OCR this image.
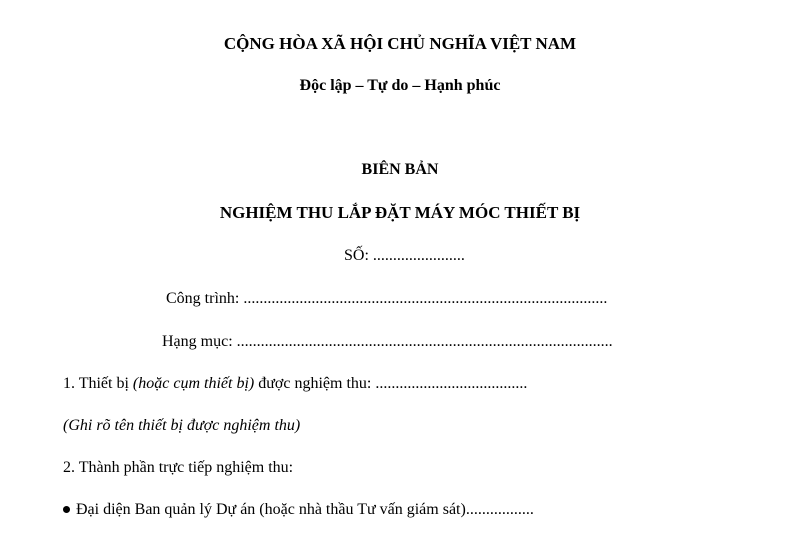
CỘNG HÒA XÃ HỘI CHỦ NGHĨA VIỆT NAM
Độc lập – Tự do – Hạnh phúc
BIÊN BẢN
NGHIỆM THU LẮP ĐẶT MÁY MÓC THIẾT BỊ
SỐ: .......................
Công trình: ...........................................................................................
Hạng mục: ..............................................................................................
1. Thiết bị (hoặc cụm thiết bị) được nghiệm thu: ......................................
(Ghi rõ tên thiết bị được nghiệm thu)
2. Thành phần trực tiếp nghiệm thu:
Đại diện Ban quản lý Dự án (hoặc nhà thầu Tư vấn giám sát).................
